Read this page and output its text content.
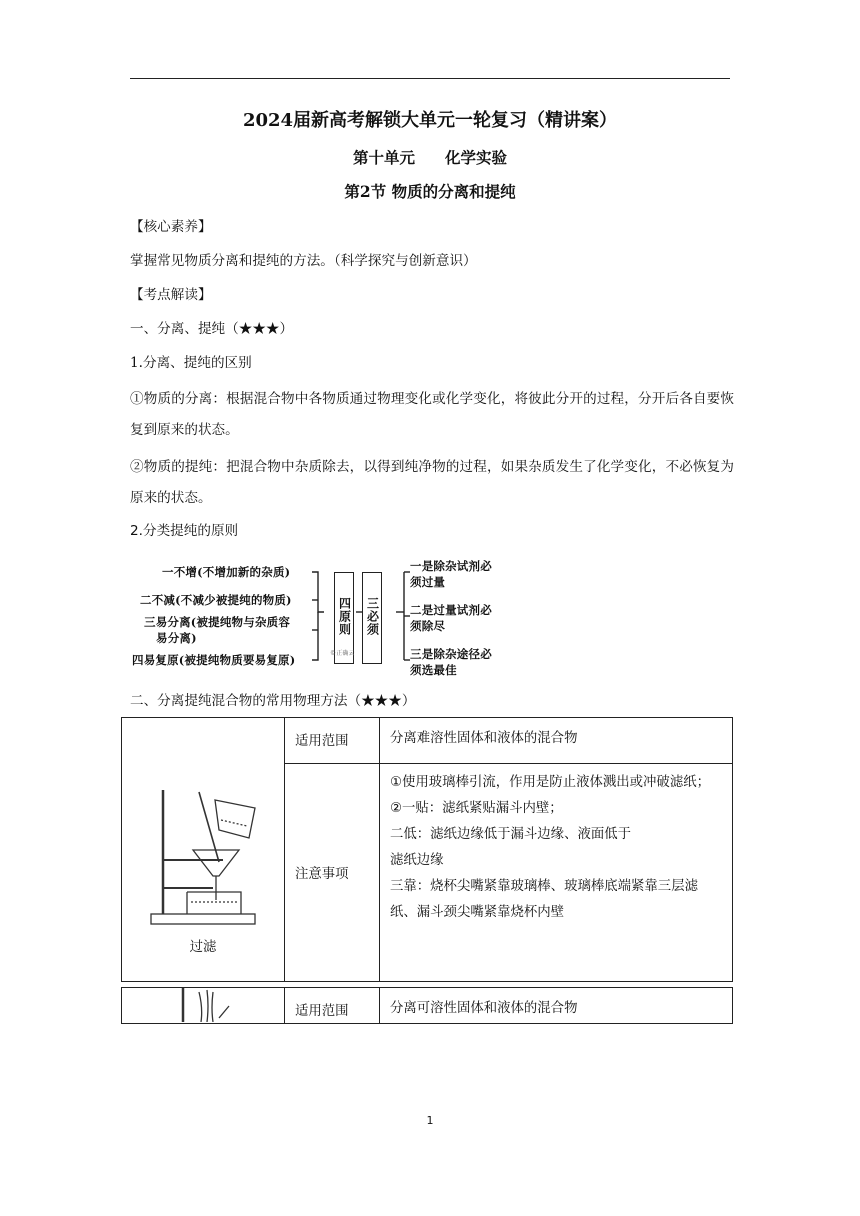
2024届新高考解锁大单元一轮复习（精讲案）
第十单元 化学实验
第2节 物质的分离和提纯
【核心素养】
掌握常见物质分离和提纯的方法。（科学探究与创新意识）
【考点解读】
一、分离、提纯（★★★）
1.分离、提纯的区别
①物质的分离：根据混合物中各物质通过物理变化或化学变化，将彼此分开的过程，分开后各自要恢复到原来的状态。
②物质的提纯：把混合物中杂质除去，以得到纯净物的过程，如果杂质发生了化学变化，不必恢复为原来的状态。
2.分类提纯的原则
一不增(不增加新的杂质)
二不减(不减少被提纯的物质)
三易分离(被提纯物与杂质容
易分离)
四易复原(被提纯物质要易复原)
四原则
©正确云
三必须
一是除杂试剂必
须过量
二是过量试剂必
须除尽
三是除杂途径必
须选最佳
二、分离提纯混合物的常用物理方法（★★★）
过滤	适用范围	分离难溶性固体和液体的混合物
	注意事项	①使用玻璃棒引流，作用是防止液体溅出或冲破滤纸；
②一贴：滤纸紧贴漏斗内壁；
二低：滤纸边缘低于漏斗边缘、液面低于
滤纸边缘
三靠：烧杯尖嘴紧靠玻璃棒、玻璃棒底端紧靠三层滤纸、漏斗颈尖嘴紧靠烧杯内壁

	适用范围	分离可溶性固体和液体的混合物
1
